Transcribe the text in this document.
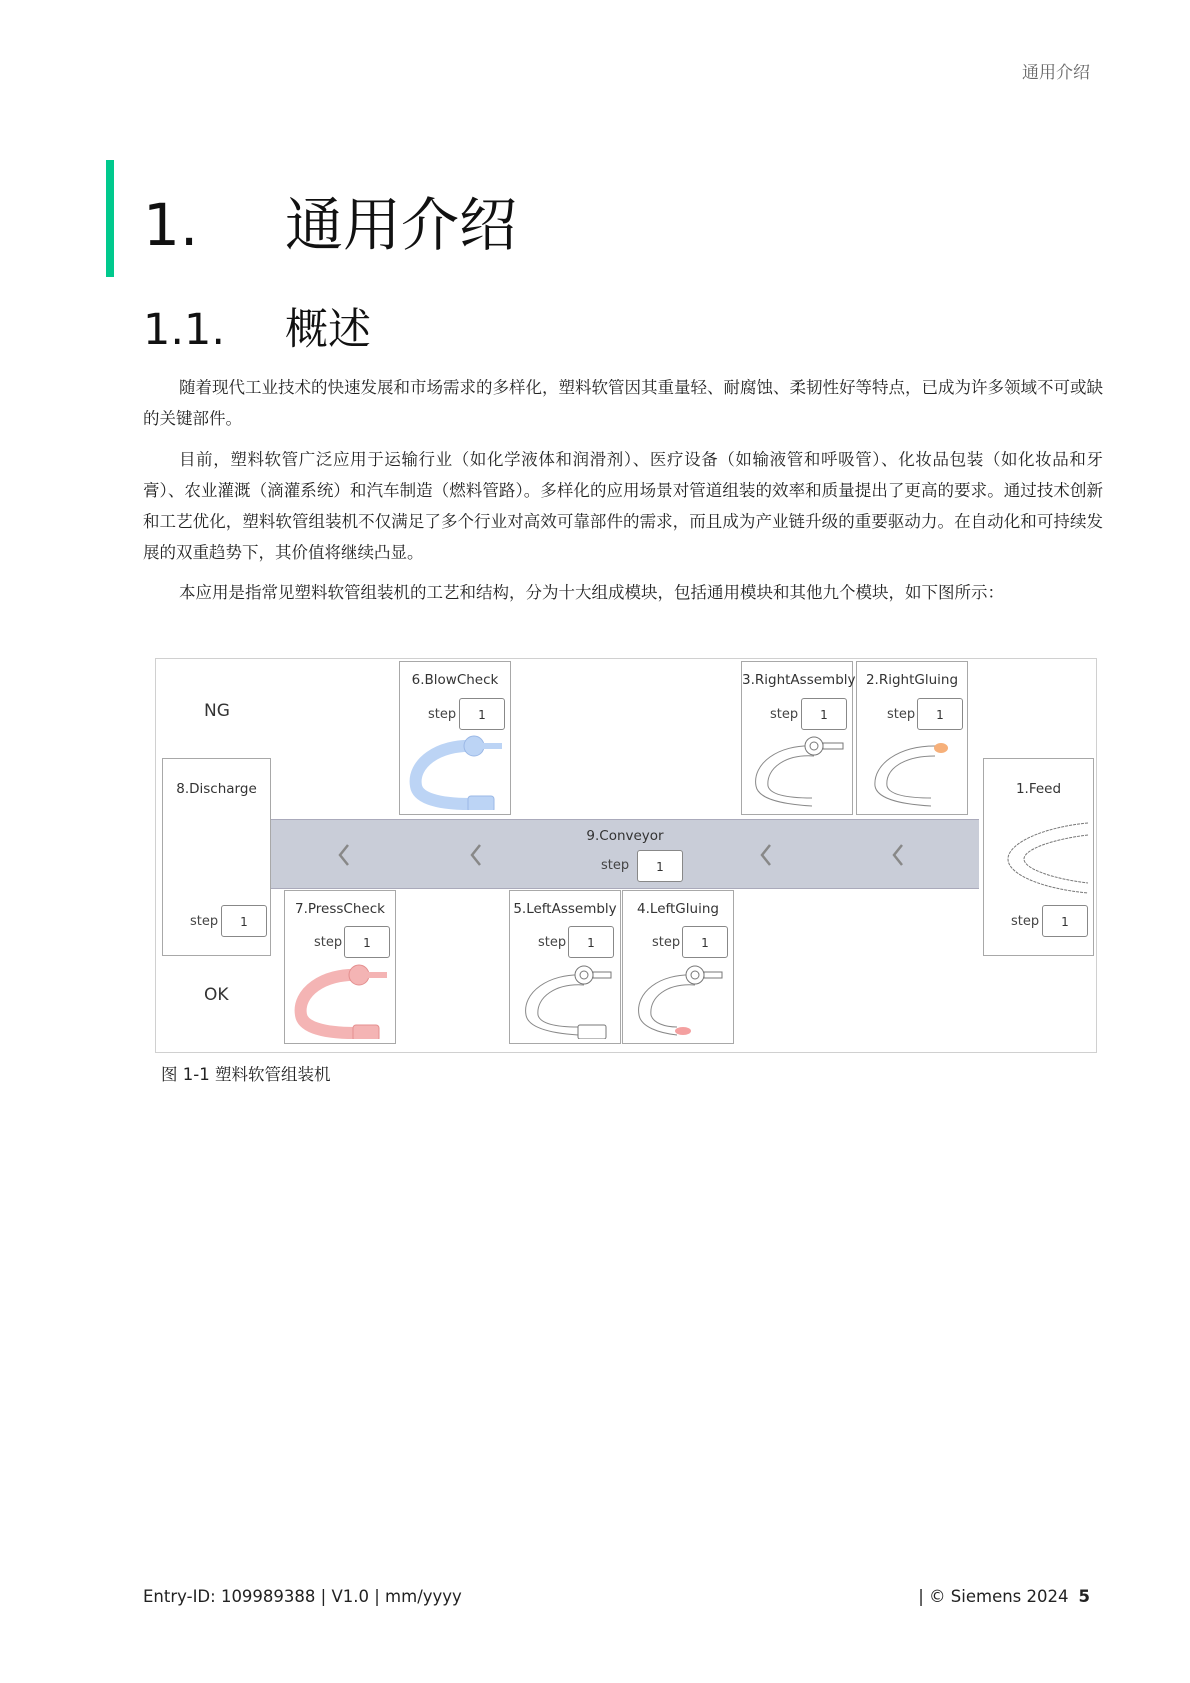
通用介绍
1. 通用介绍
1.1. 概述

随着现代工业技术的快速发展和市场需求的多样化，塑料软管因其重量轻、耐腐蚀、柔韧性好等特点，已成为许多领域不可或缺的关键部件。

目前，塑料软管广泛应用于运输行业（如化学液体和润滑剂）、医疗设备（如输液管和呼吸管）、化妆品包装（如化妆品和牙膏）、农业灌溉（滴灌系统）和汽车制造（燃料管路）。多样化的应用场景对管道组装的效率和质量提出了更高的要求。通过技术创新和工艺优化，塑料软管组装机不仅满足了多个行业对高效可靠部件的需求，而且成为产业链升级的重要驱动力。在自动化和可持续发展的双重趋势下，其价值将继续凸显。

本应用是指常见塑料软管组装机的工艺和结构，分为十大组成模块，包括通用模块和其他九个模块，如下图所示：

NG
OK
9.Conveyor
step	1
6.BlowCheck
step	1
3.RightAssembly
step	1
2.RightGluing
step	1
1.Feed
step	1
8.Discharge
step	1
7.PressCheck
step	1
5.LeftAssembly
step	1
4.LeftGluing
step	1
图 1-1 塑料软管组装机
Entry-ID: 109989388 | V1.0 | mm/yyyy	| © Siemens 2024 5
